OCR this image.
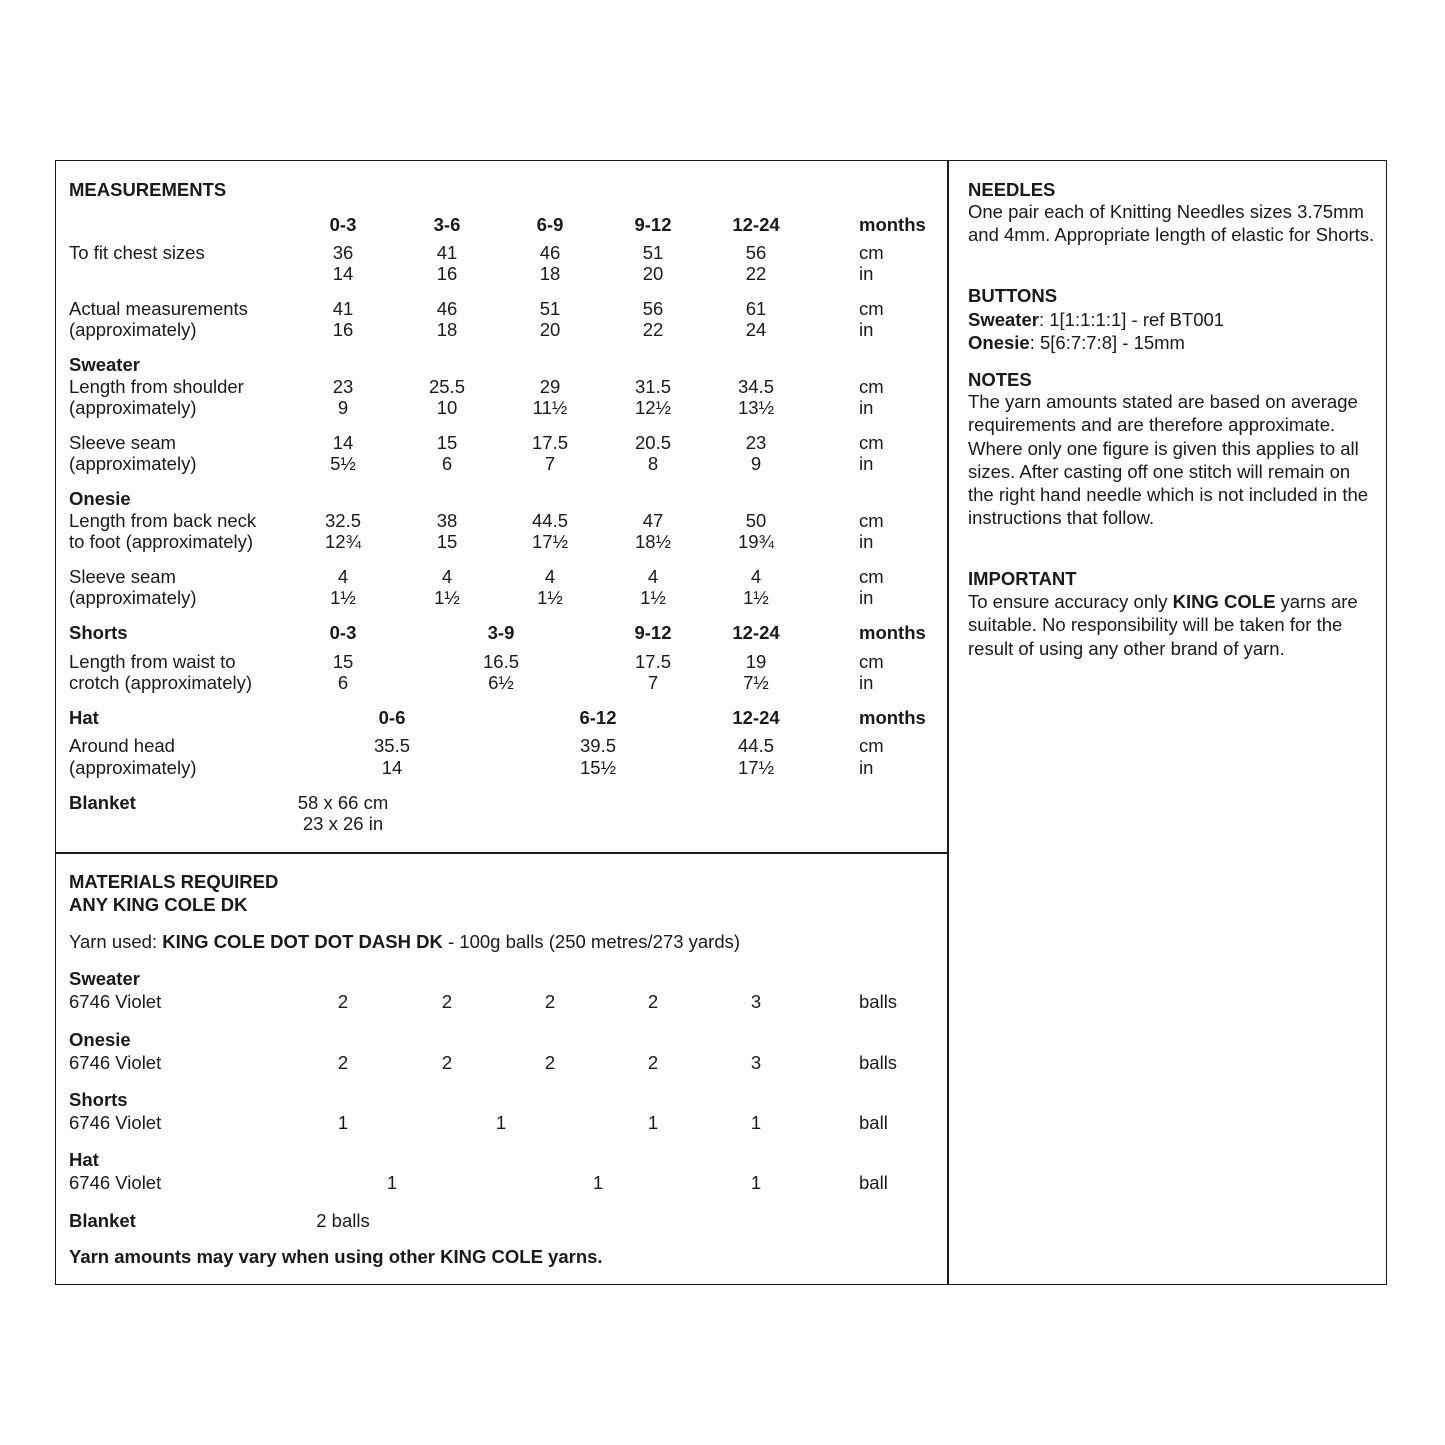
MEASUREMENTS
0-3	3-6	6-9	9-12	12-24	months
To fit chest sizes	36	41	46	51	56	cm
14	16	18	20	22	in
Actual measurements
(approximately)
41	46	51	56	61	cm
16	18	20	22	24	in
Sweater
Length from shoulder
(approximately)
23	25.5	29	31.5	34.5	cm
9	10	11½	12½	13½	in
Sleeve seam
(approximately)
14	15	17.5	20.5	23	cm
5½	6	7	8	9	in
Onesie
Length from back neck
to foot (approximately)
32.5	38	44.5	47	50	cm
12¾	15	17½	18½	19¾	in
Sleeve seam
(approximately)
4	4	4	4	4	cm
1½	1½	1½	1½	1½	in
Shorts	0-3	3-9	9-12	12-24	months
Length from waist to
crotch (approximately)
15	16.5	17.5	19	cm
6	6½	7	7½	in
Hat	0-6	6-12	12-24	months
Around head
(approximately)
35.5	39.5	44.5	cm
14	15½	17½	in
Blanket	58 x 66 cm
23 x 26 in
MATERIALS REQUIRED
ANY KING COLE DK
Yarn used: KING COLE DOT DOT DASH DK - 100g balls (250 metres/273 yards)
Sweater
6746 Violet	2	2	2	2	3	balls
Onesie
6746 Violet	2	2	2	2	3	balls
Shorts
6746 Violet	1	1	1	1	ball
Hat
6746 Violet	1	1	1	ball
Blanket	2 balls
Yarn amounts may vary when using other KING COLE yarns.
NEEDLES
One pair each of Knitting Needles sizes 3.75mm and 4mm. Appropriate length of elastic for Shorts.
BUTTONS
Sweater: 1[1:1:1:1] - ref BT001
Onesie: 5[6:7:7:8] - 15mm
NOTES
The yarn amounts stated are based on average requirements and are therefore approximate. Where only one figure is given this applies to all sizes. After casting off one stitch will remain on the right hand needle which is not included in the instructions that follow.
IMPORTANT
To ensure accuracy only KING COLE yarns are suitable. No responsibility will be taken for the result of using any other brand of yarn.
